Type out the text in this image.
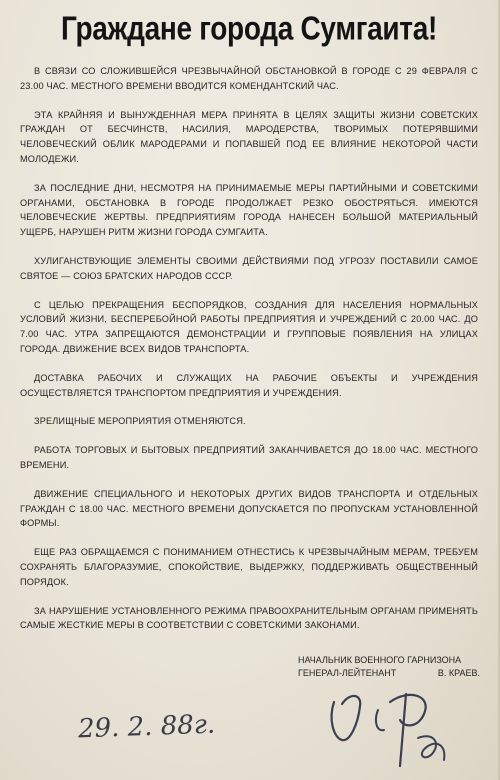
Граждане города Сумгаита!

В СВЯЗИ СО СЛОЖИВШЕЙСЯ ЧРЕЗВЫЧАЙНОЙ ОБСТАНОВКОЙ В ГОРОДЕ С 29 ФЕВРАЛЯ С 23.00 ЧАС. МЕСТНОГО ВРЕМЕНИ ВВОДИТСЯ КОМЕНДАНТСКИЙ ЧАС.

ЭТА КРАЙНЯЯ И ВЫНУЖДЕННАЯ МЕРА ПРИНЯТА В ЦЕЛЯХ ЗАЩИТЫ ЖИЗНИ СОВЕТСКИХ ГРАЖДАН ОТ БЕСЧИНСТВ, НАСИЛИЯ, МАРОДЕРСТВА, ТВОРИМЫХ ПОТЕРЯВШИМИ ЧЕЛОВЕЧЕСКИЙ ОБЛИК МАРОДЕРАМИ И ПОПАВШЕЙ ПОД ЕЕ ВЛИЯНИЕ НЕКОТОРОЙ ЧАСТИ МОЛОДЕЖИ.

ЗА ПОСЛЕДНИЕ ДНИ, НЕСМОТРЯ НА ПРИНИМАЕМЫЕ МЕРЫ ПАРТИЙНЫМИ И СОВЕТСКИМИ ОРГАНАМИ, ОБСТАНОВКА В ГОРОДЕ ПРОДОЛЖАЕТ РЕЗКО ОБОСТРЯТЬСЯ. ИМЕЮТСЯ ЧЕЛОВЕЧЕСКИЕ ЖЕРТВЫ. ПРЕДПРИЯТИЯМ ГОРОДА НАНЕСЕН БОЛЬШОЙ МАТЕРИАЛЬНЫЙ УЩЕРБ, НАРУШЕН РИТМ ЖИЗНИ ГОРОДА СУМГАИТА.

ХУЛИГАНСТВУЮЩИЕ ЭЛЕМЕНТЫ СВОИМИ ДЕЙСТВИЯМИ ПОД УГРОЗУ ПОСТАВИЛИ САМОЕ СВЯТОЕ — СОЮЗ БРАТСКИХ НАРОДОВ СССР.

С ЦЕЛЬЮ ПРЕКРАЩЕНИЯ БЕСПОРЯДКОВ, СОЗДАНИЯ ДЛЯ НАСЕЛЕНИЯ НОРМАЛЬНЫХ УСЛОВИЙ ЖИЗНИ, БЕСПЕРЕБОЙНОЙ РАБОТЫ ПРЕДПРИЯТИЯ И УЧРЕЖДЕНИЙ С 20.00 ЧАС. ДО 7.00 ЧАС. УТРА ЗАПРЕЩАЮТСЯ ДЕМОНСТРАЦИИ И ГРУППОВЫЕ ПОЯВЛЕНИЯ НА УЛИЦАХ ГОРОДА. ДВИЖЕНИЕ ВСЕХ ВИДОВ ТРАНСПОРТА.

ДОСТАВКА РАБОЧИХ И СЛУЖАЩИХ НА РАБОЧИЕ ОБЪЕКТЫ И УЧРЕЖДЕНИЯ ОСУЩЕСТВЛЯЕТСЯ ТРАНСПОРТОМ ПРЕДПРИЯТИЯ И УЧРЕЖДЕНИЯ.

ЗРЕЛИЩНЫЕ МЕРОПРИЯТИЯ ОТМЕНЯЮТСЯ.

РАБОТА ТОРГОВЫХ И БЫТОВЫХ ПРЕДПРИЯТИЙ ЗАКАНЧИВАЕТСЯ ДО 18.00 ЧАС. МЕСТНОГО ВРЕМЕНИ.

ДВИЖЕНИЕ СПЕЦИАЛЬНОГО И НЕКОТОРЫХ ДРУГИХ ВИДОВ ТРАНСПОРТА И ОТДЕЛЬНЫХ ГРАЖДАН С 18.00 ЧАС. МЕСТНОГО ВРЕМЕНИ ДОПУСКАЕТСЯ ПО ПРОПУСКАМ УСТАНОВЛЕННОЙ ФОРМЫ.

ЕЩЕ РАЗ ОБРАЩАЕМСЯ С ПОНИМАНИЕМ ОТНЕСТИСЬ К ЧРЕЗВЫЧАЙНЫМ МЕРАМ, ТРЕБУЕМ СОХРАНЯТЬ БЛАГОРАЗУМИЕ, СПОКОЙСТВИЕ, ВЫДЕРЖКУ, ПОДДЕРЖИВАТЬ ОБЩЕСТВЕННЫЙ ПОРЯДОК.

ЗА НАРУШЕНИЕ УСТАНОВЛЕННОГО РЕЖИМА ПРАВООХРАНИТЕЛЬНЫМ ОРГАНАМ ПРИМЕНЯТЬ САМЫЕ ЖЕСТКИЕ МЕРЫ В СООТВЕТСТВИИ С СОВЕТСКИМИ ЗАКОНАМИ.

НАЧАЛЬНИК ВОЕННОГО ГАРНИЗОНА
ГЕНЕРАЛ-ЛЕЙТЕНАНТ	В. КРАЕВ.
29. 2. 88г.
